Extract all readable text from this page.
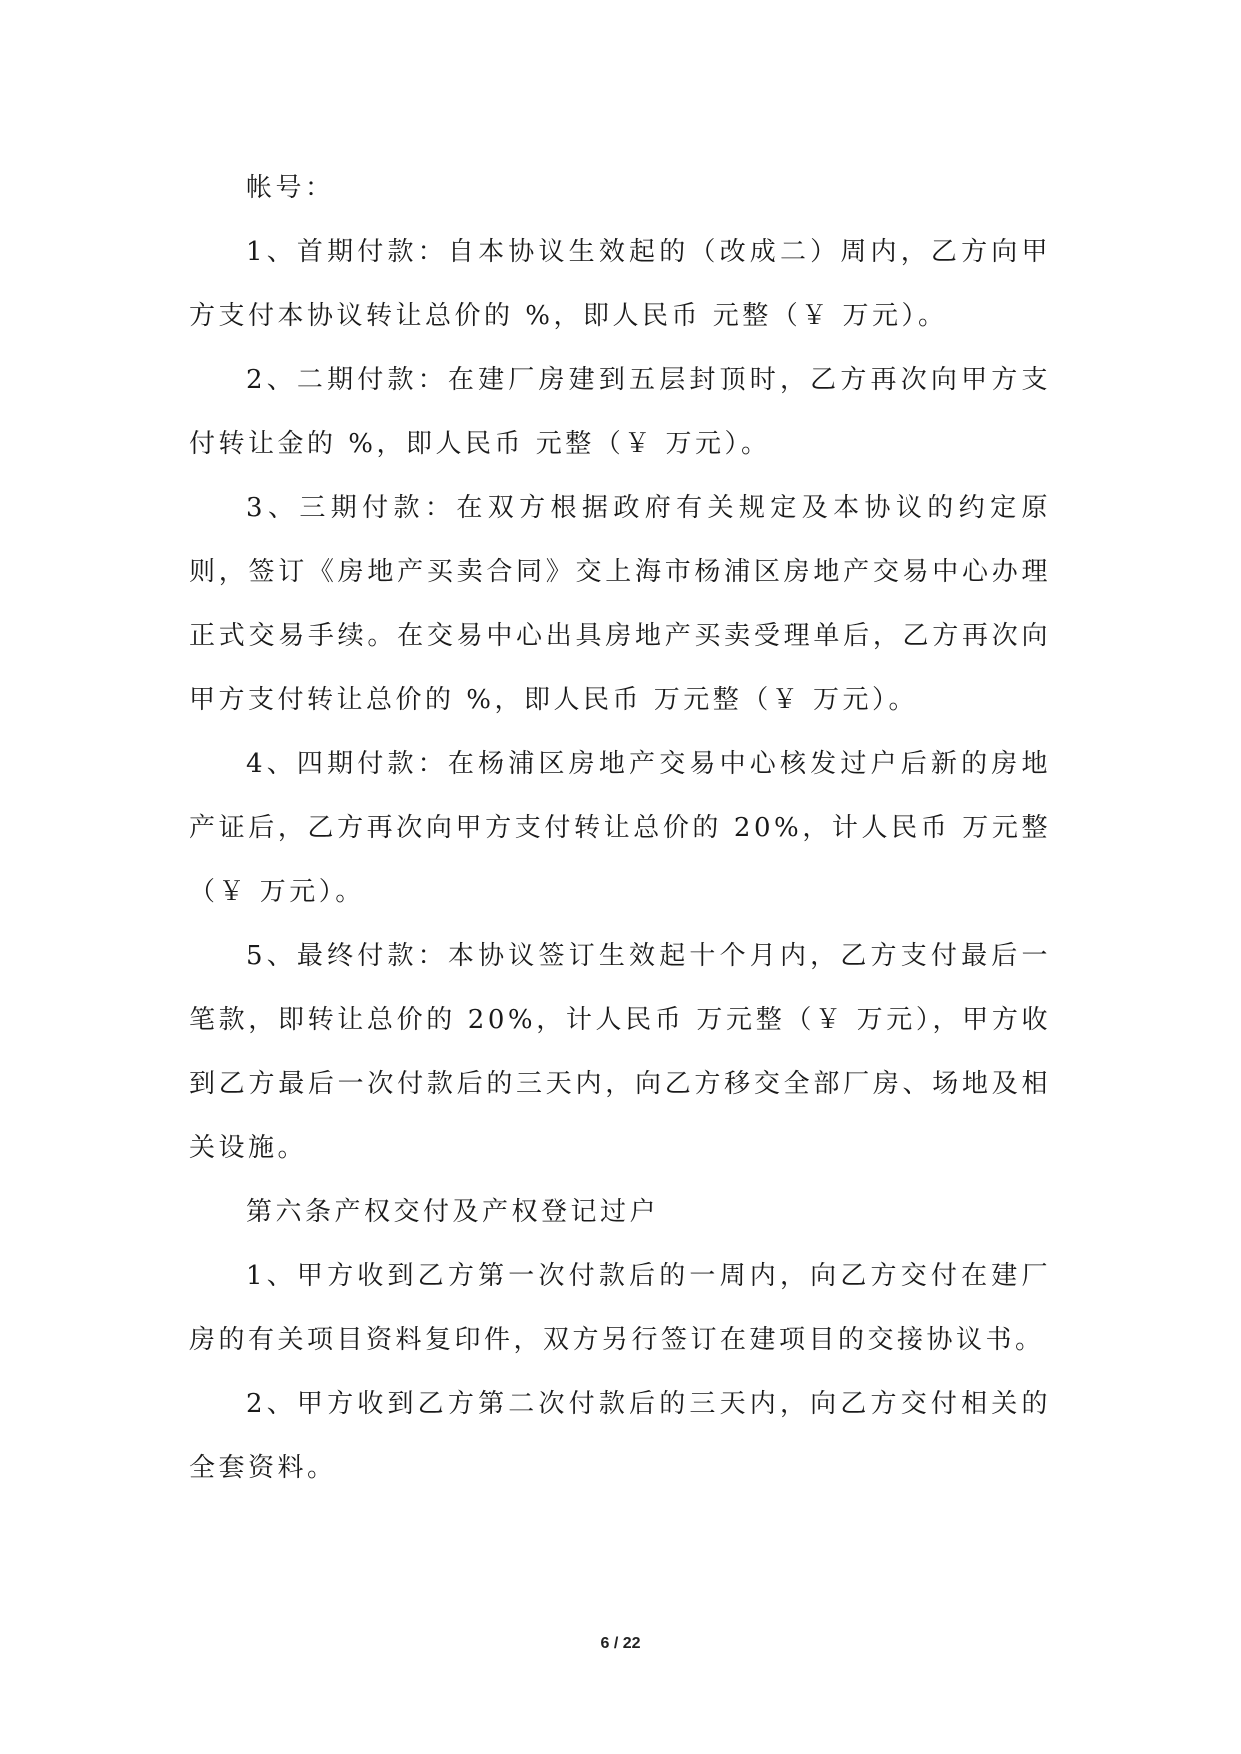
帐号：

1、首期付款：自本协议生效起的（改成二）周内，乙方向甲方支付本协议转让总价的 %，即人民币 元整（￥ 万元）。

2、二期付款：在建厂房建到五层封顶时，乙方再次向甲方支付转让金的 %，即人民币 元整（￥ 万元）。

3、三期付款：在双方根据政府有关规定及本协议的约定原则，签订《房地产买卖合同》交上海市杨浦区房地产交易中心办理正式交易手续。在交易中心出具房地产买卖受理单后，乙方再次向甲方支付转让总价的 %，即人民币 万元整（￥ 万元）。

4、四期付款：在杨浦区房地产交易中心核发过户后新的房地产证后，乙方再次向甲方支付转让总价的 20%，计人民币 万元整（￥ 万元）。

5、最终付款：本协议签订生效起十个月内，乙方支付最后一笔款，即转让总价的 20%，计人民币 万元整（￥ 万元），甲方收到乙方最后一次付款后的三天内，向乙方移交全部厂房、场地及相关设施。

第六条产权交付及产权登记过户

1、甲方收到乙方第一次付款后的一周内，向乙方交付在建厂房的有关项目资料复印件，双方另行签订在建项目的交接协议书。

2、甲方收到乙方第二次付款后的三天内，向乙方交付相关的全套资料。

6 / 22
